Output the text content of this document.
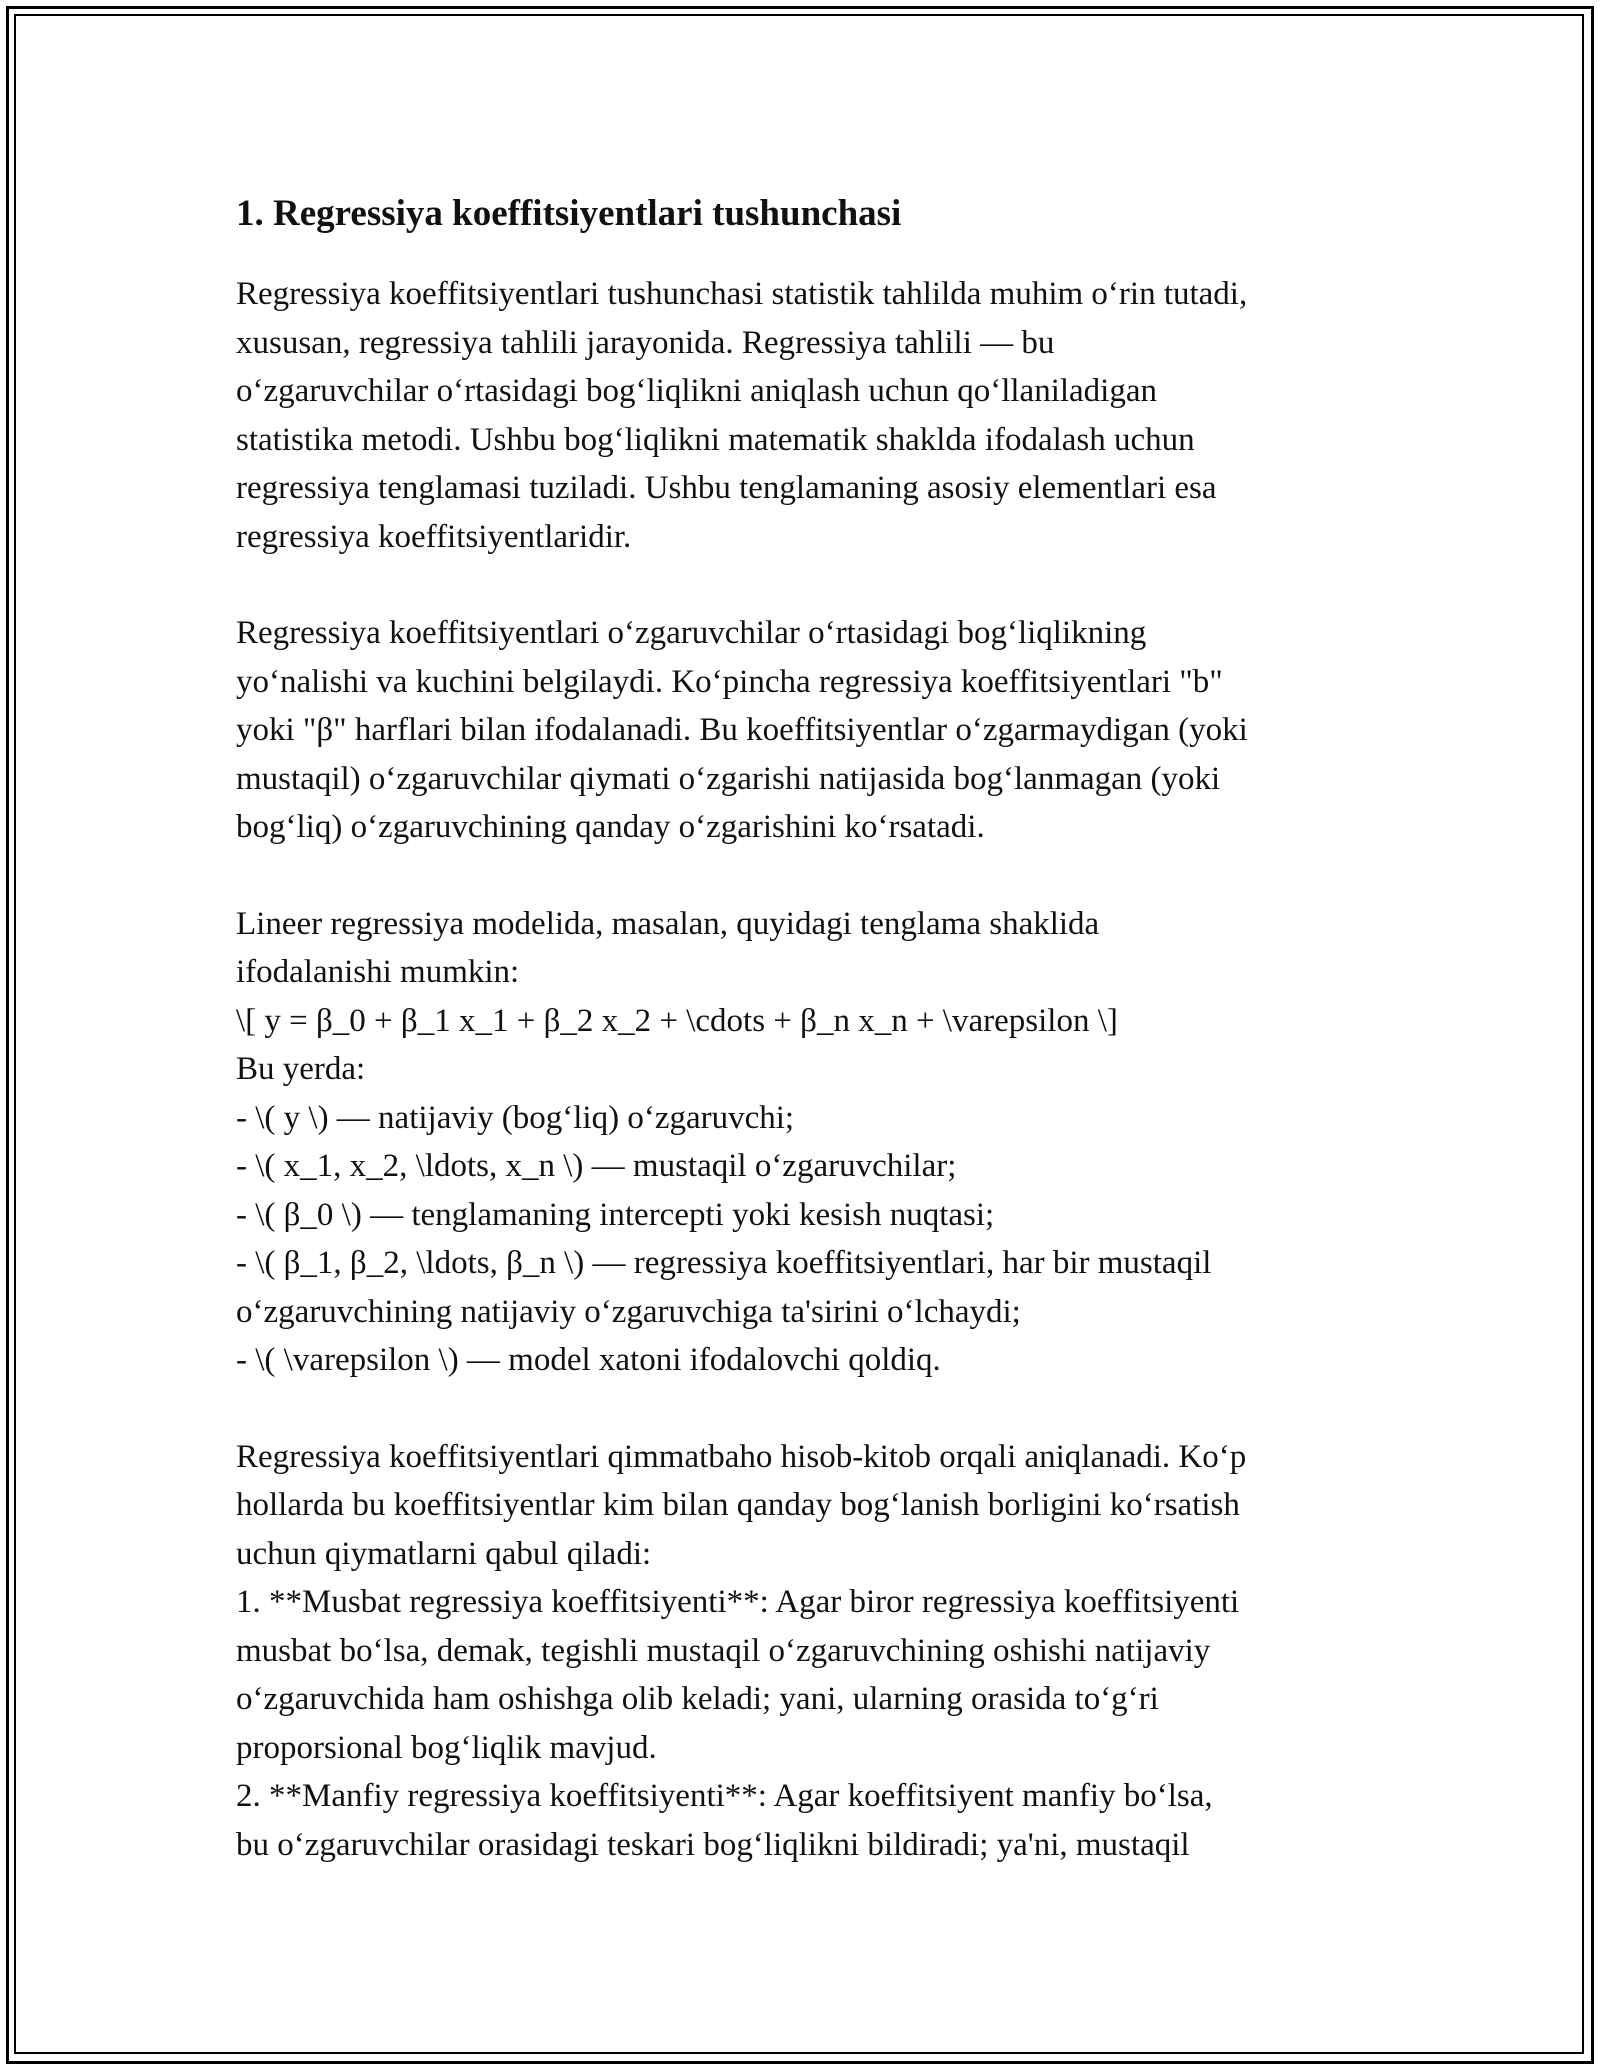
1. Regressiya koeffitsiyentlari tushunchasi
Regressiya koeffitsiyentlari tushunchasi statistik tahlilda muhim o‘rin tutadi,
xususan, regressiya tahlili jarayonida. Regressiya tahlili — bu
o‘zgaruvchilar o‘rtasidagi bog‘liqlikni aniqlash uchun qo‘llaniladigan
statistika metodi. Ushbu bog‘liqlikni matematik shaklda ifodalash uchun
regressiya tenglamasi tuziladi. Ushbu tenglamaning asosiy elementlari esa
regressiya koeffitsiyentlaridir.
Regressiya koeffitsiyentlari o‘zgaruvchilar o‘rtasidagi bog‘liqlikning
yo‘nalishi va kuchini belgilaydi. Ko‘pincha regressiya koeffitsiyentlari "b"
yoki "β" harflari bilan ifodalanadi. Bu koeffitsiyentlar o‘zgarmaydigan (yoki
mustaqil) o‘zgaruvchilar qiymati o‘zgarishi natijasida bog‘lanmagan (yoki
bog‘liq) o‘zgaruvchining qanday o‘zgarishini ko‘rsatadi.
Lineer regressiya modelida, masalan, quyidagi tenglama shaklida
ifodalanishi mumkin:
\[ y = β_0 + β_1 x_1 + β_2 x_2 + \cdots + β_n x_n + \varepsilon \]
Bu yerda:
- \( y \) — natijaviy (bog‘liq) o‘zgaruvchi;
- \( x_1, x_2, \ldots, x_n \) — mustaqil o‘zgaruvchilar;
- \( β_0 \) — tenglamaning intercepti yoki kesish nuqtasi;
- \( β_1, β_2, \ldots, β_n \) — regressiya koeffitsiyentlari, har bir mustaqil
o‘zgaruvchining natijaviy o‘zgaruvchiga ta'sirini o‘lchaydi;
- \( \varepsilon \) — model xatoni ifodalovchi qoldiq.
Regressiya koeffitsiyentlari qimmatbaho hisob-kitob orqali aniqlanadi. Ko‘p
hollarda bu koeffitsiyentlar kim bilan qanday bog‘lanish borligini ko‘rsatish
uchun qiymatlarni qabul qiladi:
1. **Musbat regressiya koeffitsiyenti**: Agar biror regressiya koeffitsiyenti
musbat bo‘lsa, demak, tegishli mustaqil o‘zgaruvchining oshishi natijaviy
o‘zgaruvchida ham oshishga olib keladi; yani, ularning orasida to‘g‘ri
proporsional bog‘liqlik mavjud.
2. **Manfiy regressiya koeffitsiyenti**: Agar koeffitsiyent manfiy bo‘lsa,
bu o‘zgaruvchilar orasidagi teskari bog‘liqlikni bildiradi; ya'ni, mustaqil
